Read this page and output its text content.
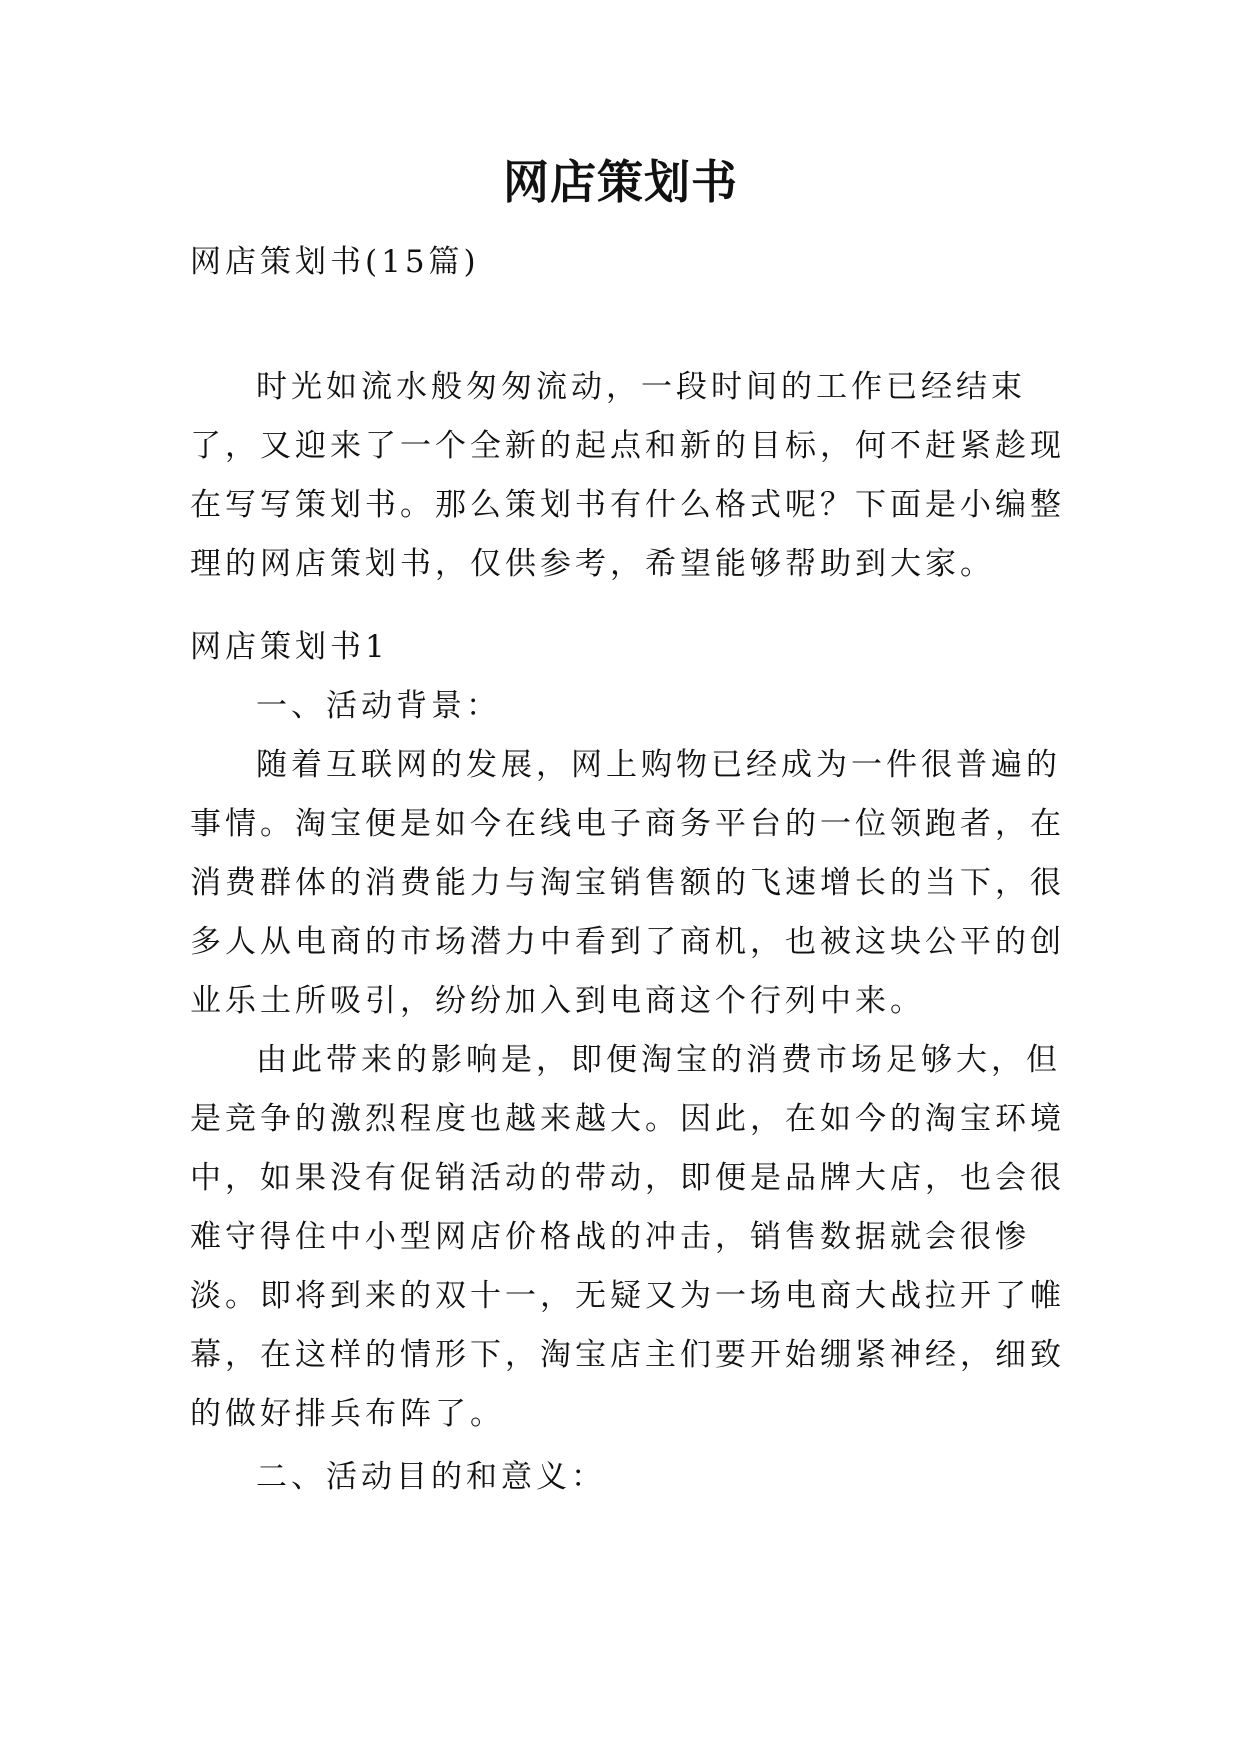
网店策划书

网店策划书(15篇)

时光如流水般匆匆流动，一段时间的工作已经结束了，又迎来了一个全新的起点和新的目标，何不赶紧趁现在写写策划书。那么策划书有什么格式呢？下面是小编整理的网店策划书，仅供参考，希望能够帮助到大家。

网店策划书1

一、活动背景：

随着互联网的发展，网上购物已经成为一件很普遍的事情。淘宝便是如今在线电子商务平台的一位领跑者，在消费群体的消费能力与淘宝销售额的飞速增长的当下，很多人从电商的市场潜力中看到了商机，也被这块公平的创业乐土所吸引，纷纷加入到电商这个行列中来。

由此带来的影响是，即便淘宝的消费市场足够大，但是竞争的激烈程度也越来越大。因此，在如今的淘宝环境中，如果没有促销活动的带动，即便是品牌大店，也会很难守得住中小型网店价格战的冲击，销售数据就会很惨淡。即将到来的双十一，无疑又为一场电商大战拉开了帷幕，在这样的情形下，淘宝店主们要开始绷紧神经，细致的做好排兵布阵了。

二、活动目的和意义：
